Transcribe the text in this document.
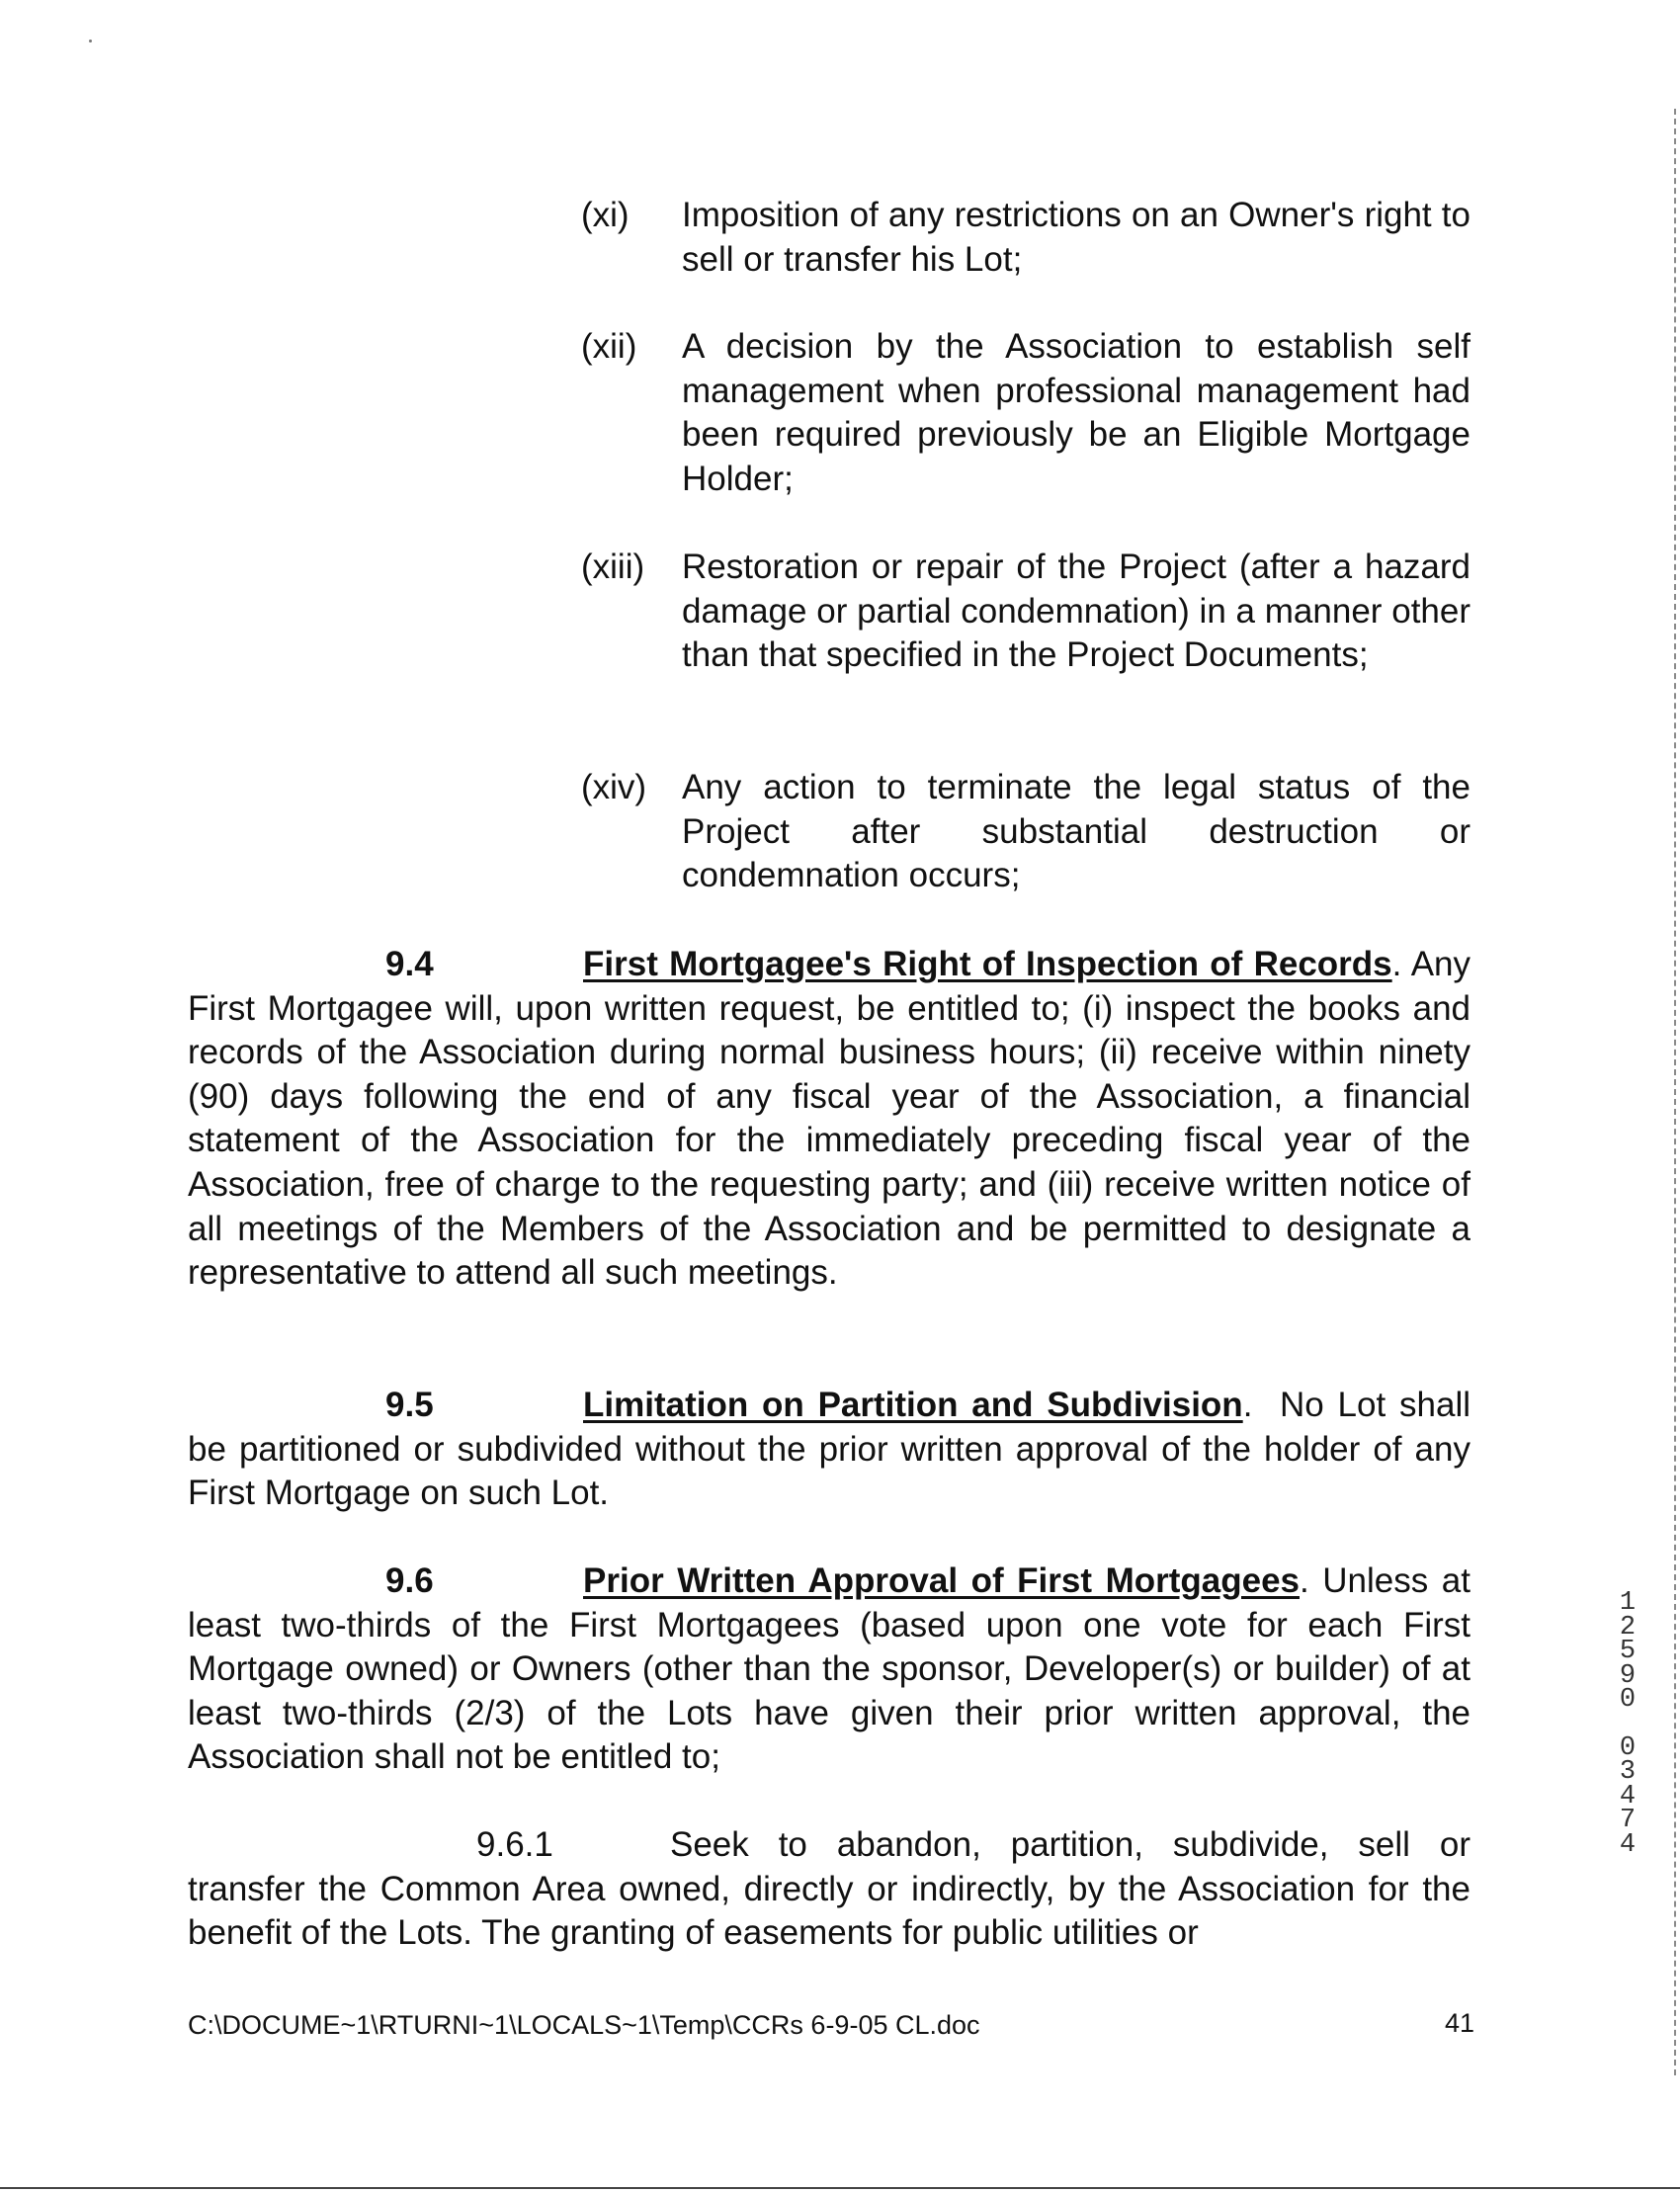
(xi) Imposition of any restrictions on an Owner's right to sell or transfer his Lot;
(xii) A decision by the Association to establish self management when professional management had been required previously be an Eligible Mortgage Holder;
(xiii) Restoration or repair of the Project (after a hazard damage or partial condemnation) in a manner other than that specified in the Project Documents;
(xiv) Any action to terminate the legal status of the Project after substantial destruction or condemnation occurs;
9.4	First Mortgagee's Right of Inspection of Records. Any First Mortgagee will, upon written request, be entitled to; (i) inspect the books and records of the Association during normal business hours; (ii) receive within ninety (90) days following the end of any fiscal year of the Association, a financial statement of the Association for the immediately preceding fiscal year of the Association, free of charge to the requesting party; and (iii) receive written notice of all meetings of the Members of the Association and be permitted to designate a representative to attend all such meetings.
9.5	Limitation on Partition and Subdivision.  No Lot shall be partitioned or subdivided without the prior written approval of the holder of any First Mortgage on such Lot.
9.6	Prior Written Approval of First Mortgagees. Unless at least two-thirds of the First Mortgagees (based upon one vote for each First Mortgage owned) or Owners (other than the sponsor, Developer(s) or builder) of at least two-thirds (2/3) of the Lots have given their prior written approval, the Association shall not be entitled to;
9.6.1	Seek to abandon, partition, subdivide, sell or transfer the Common Area owned, directly or indirectly, by the Association for the benefit of the Lots. The granting of easements for public utilities or
C:\DOCUME~1\RTURNI~1\LOCALS~1\Temp\CCRs 6-9-05 CL.doc	41
1
2
5
9
0
0
3
4
7
4
